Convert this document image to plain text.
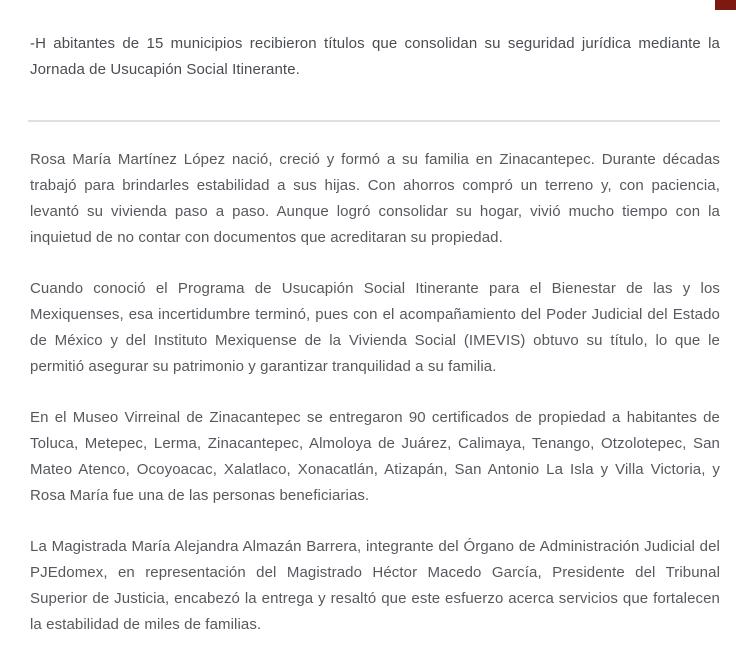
-H abitantes de 15 municipios recibieron títulos que consolidan su seguridad jurídica mediante la Jornada de Usucapión Social Itinerante.

Rosa María Martínez López nació, creció y formó a su familia en Zinacantepec. Durante décadas trabajó para brindarles estabilidad a sus hijas. Con ahorros compró un terreno y, con paciencia, levantó su vivienda paso a paso. Aunque logró consolidar su hogar, vivió mucho tiempo con la inquietud de no contar con documentos que acreditaran su propiedad.

Cuando conoció el Programa de Usucapión Social Itinerante para el Bienestar de las y los Mexiquenses, esa incertidumbre terminó, pues con el acompañamiento del Poder Judicial del Estado de México y del Instituto Mexiquense de la Vivienda Social (IMEVIS) obtuvo su título, lo que le permitió asegurar su patrimonio y garantizar tranquilidad a su familia.

En el Museo Virreinal de Zinacantepec se entregaron 90 certificados de propiedad a habitantes de Toluca, Metepec, Lerma, Zinacantepec, Almoloya de Juárez, Calimaya, Tenango, Otzolotepec, San Mateo Atenco, Ocoyoacac, Xalatlaco, Xonacatlán, Atizapán, San Antonio La Isla y Villa Victoria, y Rosa María fue una de las personas beneficiarias.

La Magistrada María Alejandra Almazán Barrera, integrante del Órgano de Administración Judicial del PJEdomex, en representación del Magistrado Héctor Macedo García, Presidente del Tribunal Superior de Justicia, encabezó la entrega y resaltó que este esfuerzo acerca servicios que fortalecen la estabilidad de miles de familias.
